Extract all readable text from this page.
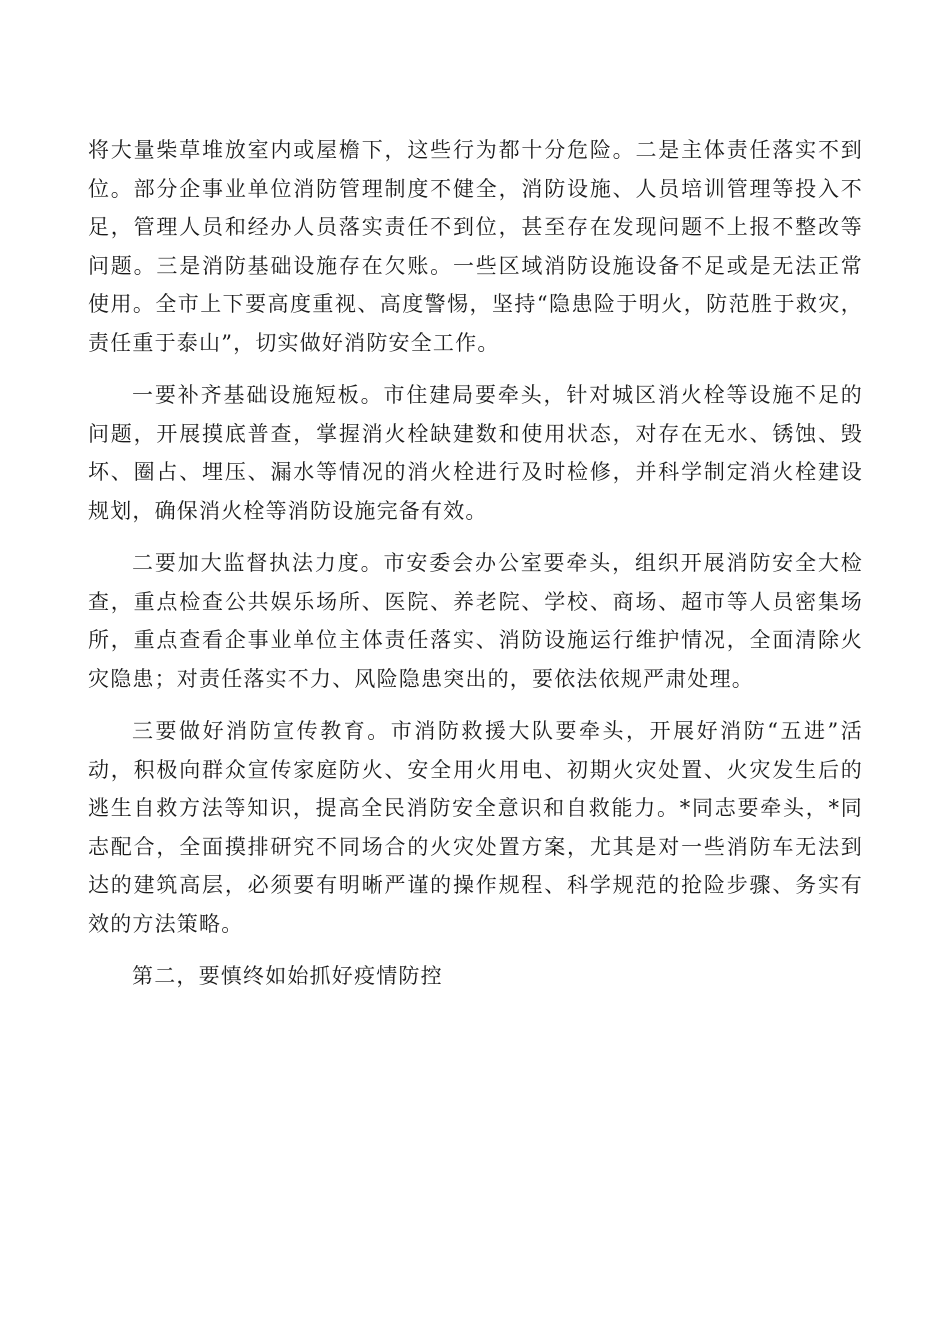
将大量柴草堆放室内或屋檐下，这些行为都十分危险。二是主体责任落实不到位。部分企事业单位消防管理制度不健全，消防设施、人员培训管理等投入不足，管理人员和经办人员落实责任不到位，甚至存在发现问题不上报不整改等问题。三是消防基础设施存在欠账。一些区域消防设施设备不足或是无法正常使用。全市上下要高度重视、高度警惕，坚持“隐患险于明火，防范胜于救灾，责任重于泰山”，切实做好消防安全工作。

一要补齐基础设施短板。市住建局要牵头，针对城区消火栓等设施不足的问题，开展摸底普查，掌握消火栓缺建数和使用状态，对存在无水、锈蚀、毁坏、圈占、埋压、漏水等情况的消火栓进行及时检修，并科学制定消火栓建设规划，确保消火栓等消防设施完备有效。

二要加大监督执法力度。市安委会办公室要牵头，组织开展消防安全大检查，重点检查公共娱乐场所、医院、养老院、学校、商场、超市等人员密集场所，重点查看企事业单位主体责任落实、消防设施运行维护情况，全面清除火灾隐患；对责任落实不力、风险隐患突出的，要依法依规严肃处理。

三要做好消防宣传教育。市消防救援大队要牵头，开展好消防“五进”活动，积极向群众宣传家庭防火、安全用火用电、初期火灾处置、火灾发生后的逃生自救方法等知识，提高全民消防安全意识和自救能力。*同志要牵头，*同志配合，全面摸排研究不同场合的火灾处置方案，尤其是对一些消防车无法到达的建筑高层，必须要有明晰严谨的操作规程、科学规范的抢险步骤、务实有效的方法策略。

第二，要慎终如始抓好疫情防控
